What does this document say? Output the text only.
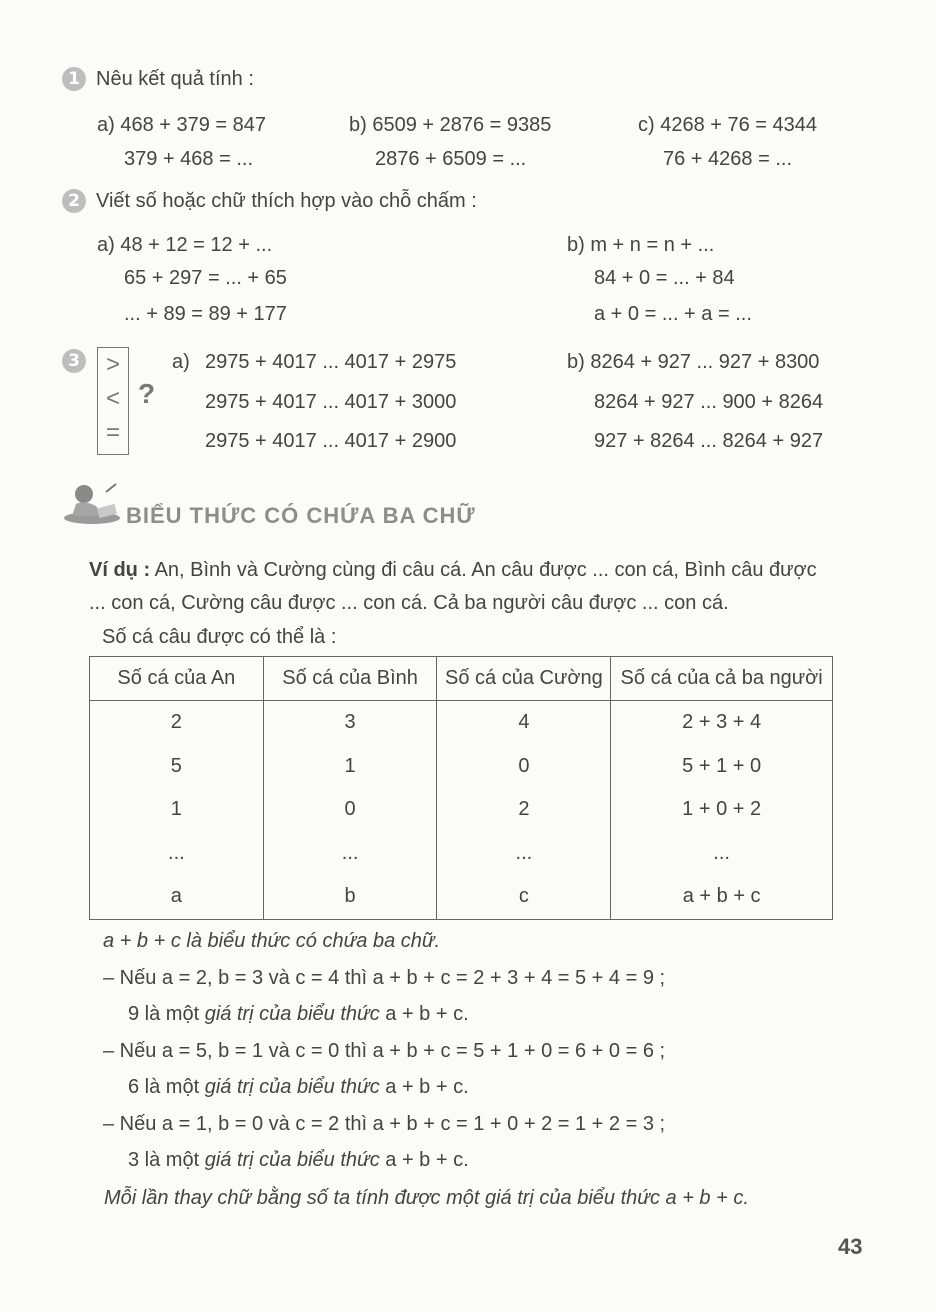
1 Nêu kết quả tính :
a) 468 + 379 = 847
379 + 468 = ...
b) 6509 + 2876 = 9385
2876 + 6509 = ...
c) 4268 + 76 = 4344
76 + 4268 = ...
2 Viết số hoặc chữ thích hợp vào chỗ chấm :
a) 48 + 12 = 12 + ...
65 + 297 = ... + 65
... + 89 = 89 + 177
b) m + n = n + ...
84 + 0 = ... + 84
a + 0 = ... + a = ...
3	>
<
=
?
a) 2975 + 4017 ... 4017 + 2975
2975 + 4017 ... 4017 + 3000
2975 + 4017 ... 4017 + 2900
b) 8264 + 927 ... 927 + 8300
8264 + 927 ... 900 + 8264
927 + 8264 ... 8264 + 927
BIỂU THỨC CÓ CHỨA BA CHỮ
Ví dụ : An, Bình và Cường cùng đi câu cá. An câu được ... con cá, Bình câu được
... con cá, Cường câu được ... con cá. Cả ba người câu được ... con cá.
Số cá câu được có thể là :
Số cá của An	Số cá của Bình	Số cá của Cường	Số cá của cả ba người
2	3	4	2 + 3 + 4
5	1	0	5 + 1 + 0
1	0	2	1 + 0 + 2
...	...	...	...
a	b	c	a + b + c
a + b + c là biểu thức có chứa ba chữ.
– Nếu a = 2, b = 3 và c = 4 thì a + b + c = 2 + 3 + 4 = 5 + 4 = 9 ;
9 là một giá trị của biểu thức a + b + c.
– Nếu a = 5, b = 1 và c = 0 thì a + b + c = 5 + 1 + 0 = 6 + 0 = 6 ;
6 là một giá trị của biểu thức a + b + c.
– Nếu a = 1, b = 0 và c = 2 thì a + b + c = 1 + 0 + 2 = 1 + 2 = 3 ;
3 là một giá trị của biểu thức a + b + c.
Mỗi lần thay chữ bằng số ta tính được một giá trị của biểu thức a + b + c.
43
